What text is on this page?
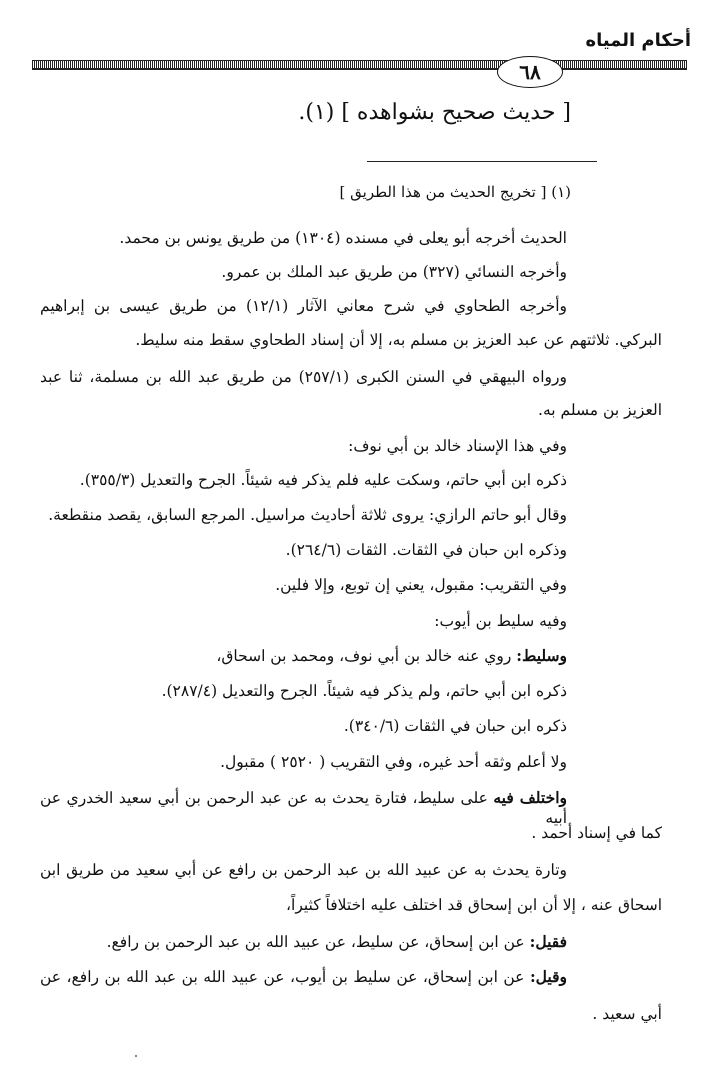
أحكام المياه
٦٨
[ حديث صحيح بشواهده ] (١).
(١) [ تخريج الحديث من هذا الطريق ]
الحديث أخرجه أبو يعلى في مسنده (١٣٠٤) من طريق يونس بن محمد.
وأخرجه النسائي (٣٢٧) من طريق عبد الملك بن عمرو.
وأخرجه الطحاوي في شرح معاني الآثار (١٢/١) من طريق عيسى بن إبراهيم
البركي. ثلاثتهم عن عبد العزيز بن مسلم به، إلا أن إسناد الطحاوي سقط منه سليط.
ورواه البيهقي في السنن الكبرى (٢٥٧/١) من طريق عبد الله بن مسلمة، ثنا عبد
العزيز بن مسلم به.
وفي هذا الإسناد خالد بن أبي نوف:
ذكره ابن أبي حاتم، وسكت عليه فلم يذكر فيه شيئاً. الجرح والتعديل (٣٥٥/٣).
وقال أبو حاتم الرازي: يروى ثلاثة أحاديث مراسيل. المرجع السابق، يقصد منقطعة.
وذكره ابن حبان في الثقات. الثقات (٢٦٤/٦).
وفي التقريب: مقبول، يعني إن توبع، وإلا فلين.
وفيه سليط بن أيوب:
وسليط: روي عنه خالد بن أبي نوف، ومحمد بن اسحاق،
ذكره ابن أبي حاتم، ولم يذكر فيه شيئاً. الجرح والتعديل (٢٨٧/٤).
ذكره ابن حبان في الثقات (٣٤٠/٦).
ولا أعلم وثقه أحد غيره، وفي التقريب ( ٢٥٢٠ ) مقبول.
واختلف فيه على سليط، فتارة يحدث به عن عبد الرحمن بن أبي سعيد الخدري عن أبيه
كما في إسناد أحمد .
وتارة يحدث به عن عبيد الله بن عبد الرحمن بن رافع عن أبي سعيد من طريق ابن
اسحاق عنه ، إلا أن ابن إسحاق قد اختلف عليه اختلافاً كثيراً،
فقيل: عن ابن إسحاق، عن سليط، عن عبيد الله بن عبد الرحمن بن رافع.
وقيل: عن ابن إسحاق، عن سليط بن أيوب، عن عبيد الله بن عبد الله بن رافع، عن
أبي سعيد .
